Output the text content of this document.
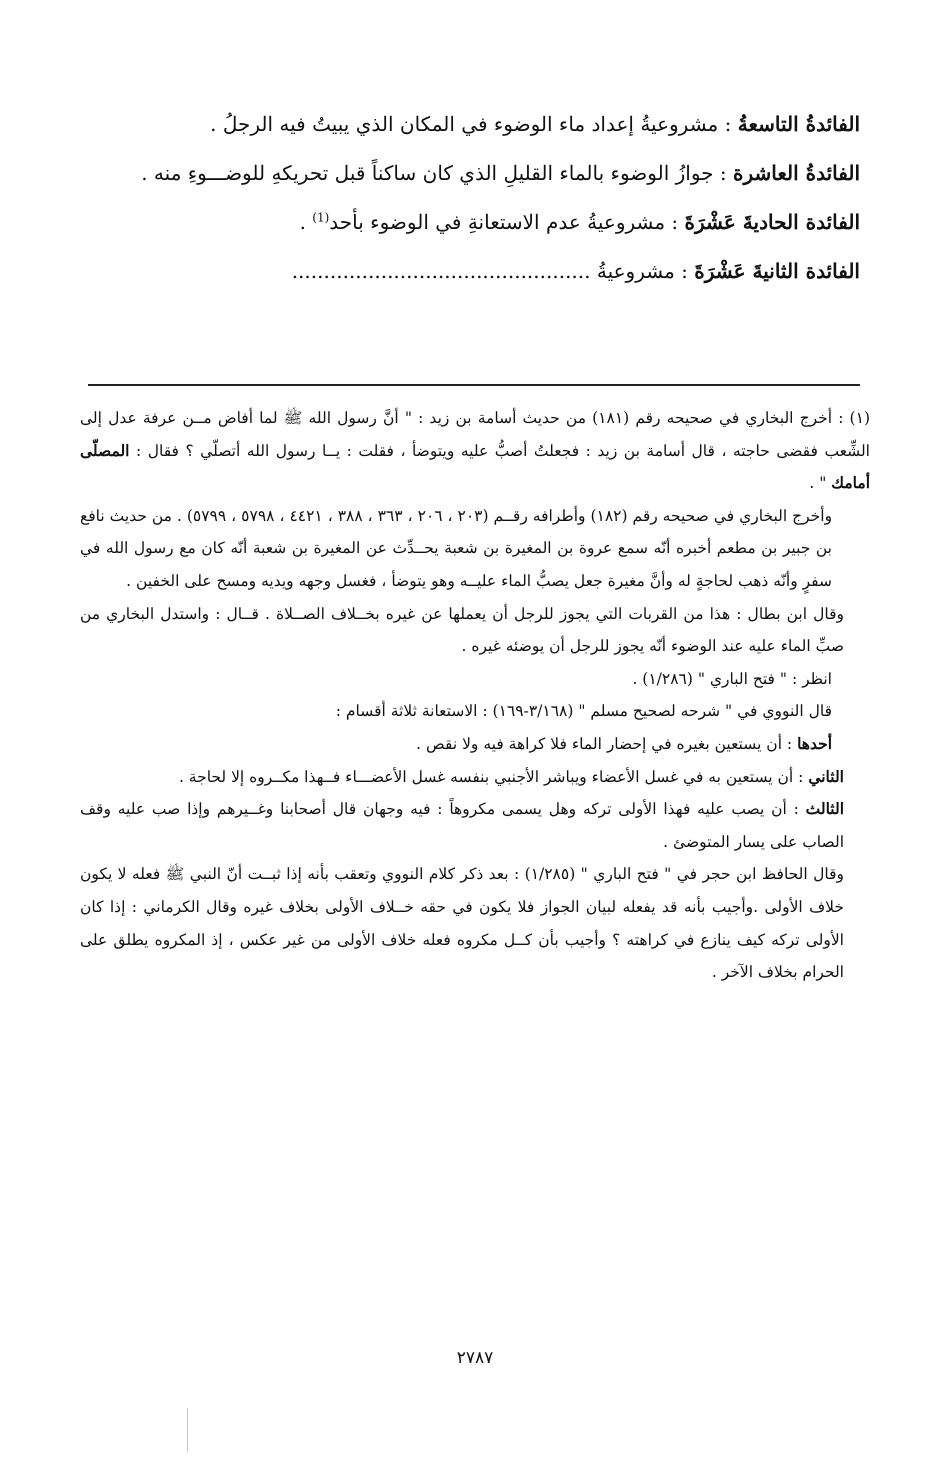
الفائدةُ التاسعةُ : مشروعيةُ إعداد ماء الوضوء في المكان الذي يبيتُ فيه الرجلُ .

الفائدةُ العاشرة : جوازُ الوضوء بالماء القليلِ الذي كان ساكناً قبل تحريكهِ للوضـــوءِ منه .

الفائدة الحاديةَ عَشْرَةَ : مشروعيةُ عدم الاستعانةِ في الوضوء بأحد$^{(1)}$ .

الفائدة الثانيةَ عَشْرَةَ : مشروعيةُ ...............................................

(١) : أخرج البخاري في صحيحه رقم (١٨١) من حديث أسامة بن زيد : " أنَّ رسول الله ﷺ لما أفاض مــن عرفة عدل إلى الشِّعب فقضى حاجته ، قال أسامة بن زيد : فجعلتُ أصبُّ عليه ويتوضأ ، فقلت : يــا رسول الله أتصلّي ؟ فقال : المصلّى أمامك " .

وأخرج البخاري في صحيحه رقم (١٨٢) وأطرافه رقــم (٢٠٣ ، ٢٠٦ ، ٣٦٣ ، ٣٨٨ ، ٤٤٢١ ، ٥٧٩٨ ، ٥٧٩٩) . من حديث نافع بن جبير بن مطعم أخبره أنّه سمع عروة بن المغيرة بن شعبة يحــدِّث عن المغيرة بن شعبة أنّه كان مع رسول الله في سفرٍ وأنّه ذهب لحاجةٍ له وأنَّ مغيرة جعل يصبُّ الماء عليــه وهو يتوضأ ، فغسل وجهه ويديه ومسح على الخفين .

وقال ابن بطال : هذا من القربات التي يجوز للرجل أن يعملها عن غيره بخــلاف الصــلاة . قــال : واستدل البخاري من صبِّ الماء عليه عند الوضوء أنّه يجوز للرجل أن يوضئه غيره .

انظر : " فتح الباري " (١/٢٨٦) .

قال النووي في " شرحه لصحيح مسلم " (٣/١٦٨-١٦٩) : الاستعانة ثلاثة أقسام :

أحدها : أن يستعين بغيره في إحضار الماء فلا كراهة فيه ولا نقص .

الثاني : أن يستعين به في غسل الأعضاء ويباشر الأجنبي بنفسه غسل الأعضـــاء فــهذا مكــروه إلا لحاجة .

الثالث : أن يصب عليه فهذا الأولى تركه وهل يسمى مكروهاً : فيه وجهان قال أصحابنا وغــيرهم وإذا صب عليه وقف الصاب على يسار المتوضئ .

وقال الحافظ ابن حجر في " فتح الباري " (١/٢٨٥) : بعد ذكر كلام النووي وتعقب بأنه إذا ثبــت أنّ النبي ﷺ فعله لا يكون خلاف الأولى .وأجيب بأنه قد يفعله لبيان الجواز فلا يكون في حقه خــلاف الأولى بخلاف غيره وقال الكرماني : إذا كان الأولى تركه كيف ينازع في كراهته ؟ وأجيب بأن كــل مكروه فعله خلاف الأولى من غير عكس ، إذ المكروه يطلق على الحرام بخلاف الآخر .

٢٧٨٧
